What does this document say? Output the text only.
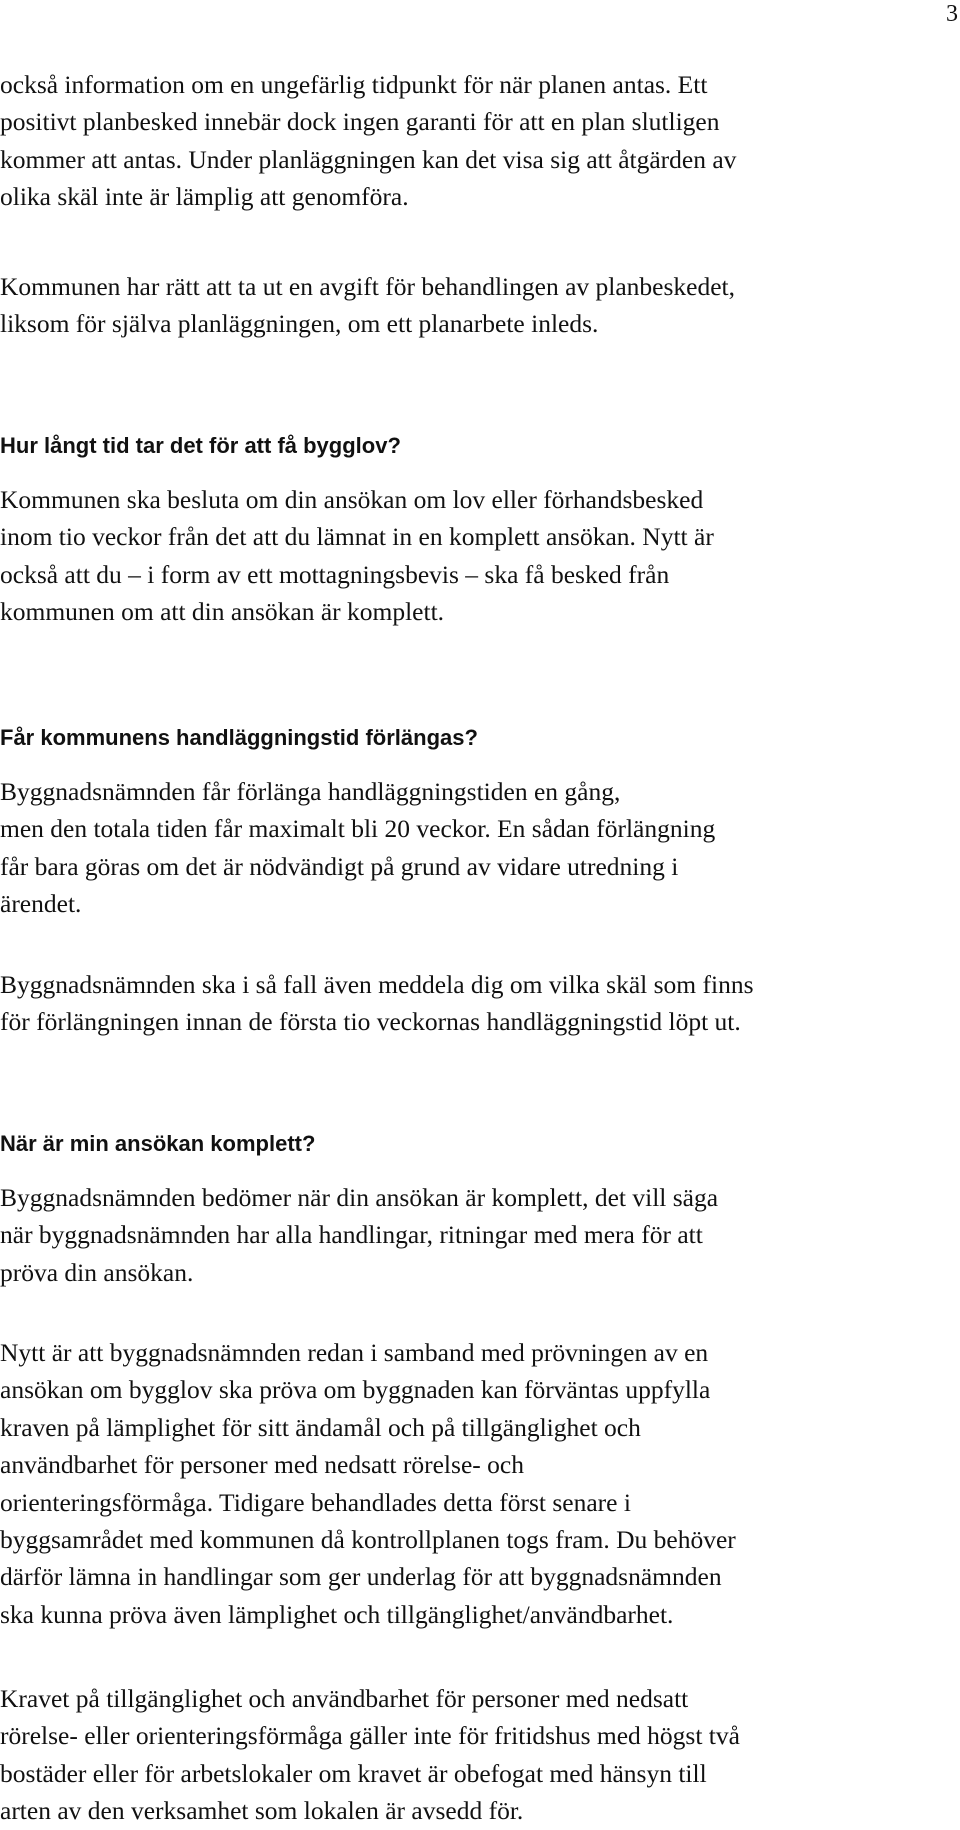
3
också information om en ungefärlig tidpunkt för när planen antas. Ett
positivt planbesked innebär dock ingen garanti för att en plan slutligen
kommer att antas. Under planläggningen kan det visa sig att åtgärden av
olika skäl inte är lämplig att genomföra.
Kommunen har rätt att ta ut en avgift för behandlingen av planbeskedet,
liksom för själva planläggningen, om ett planarbete inleds.
Hur långt tid tar det för att få bygglov?
Kommunen ska besluta om din ansökan om lov eller förhandsbesked
inom tio veckor från det att du lämnat in en komplett ansökan. Nytt är
också att du – i form av ett mottagningsbevis – ska få besked från
kommunen om att din ansökan är komplett.
Får kommunens handläggningstid förlängas?
Byggnadsnämnden får förlänga handläggningstiden en gång,
men den totala tiden får maximalt bli 20 veckor. En sådan förlängning
får bara göras om det är nödvändigt på grund av vidare utredning i
ärendet.
Byggnadsnämnden ska i så fall även meddela dig om vilka skäl som finns
för förlängningen innan de första tio veckornas handläggningstid löpt ut.
När är min ansökan komplett?
Byggnadsnämnden bedömer när din ansökan är komplett, det vill säga
när byggnadsnämnden har alla handlingar, ritningar med mera för att
pröva din ansökan.
Nytt är att byggnadsnämnden redan i samband med prövningen av en
ansökan om bygglov ska pröva om byggnaden kan förväntas uppfylla
kraven på lämplighet för sitt ändamål och på tillgänglighet och
användbarhet för personer med nedsatt rörelse- och
orienteringsförmåga. Tidigare behandlades detta först senare i
byggsamrådet med kommunen då kontrollplanen togs fram. Du behöver
därför lämna in handlingar som ger underlag för att byggnadsnämnden
ska kunna pröva även lämplighet och tillgänglighet/användbarhet.
Kravet på tillgänglighet och användbarhet för personer med nedsatt
rörelse- eller orienteringsförmåga gäller inte för fritidshus med högst två
bostäder eller för arbetslokaler om kravet är obefogat med hänsyn till
arten av den verksamhet som lokalen är avsedd för.
